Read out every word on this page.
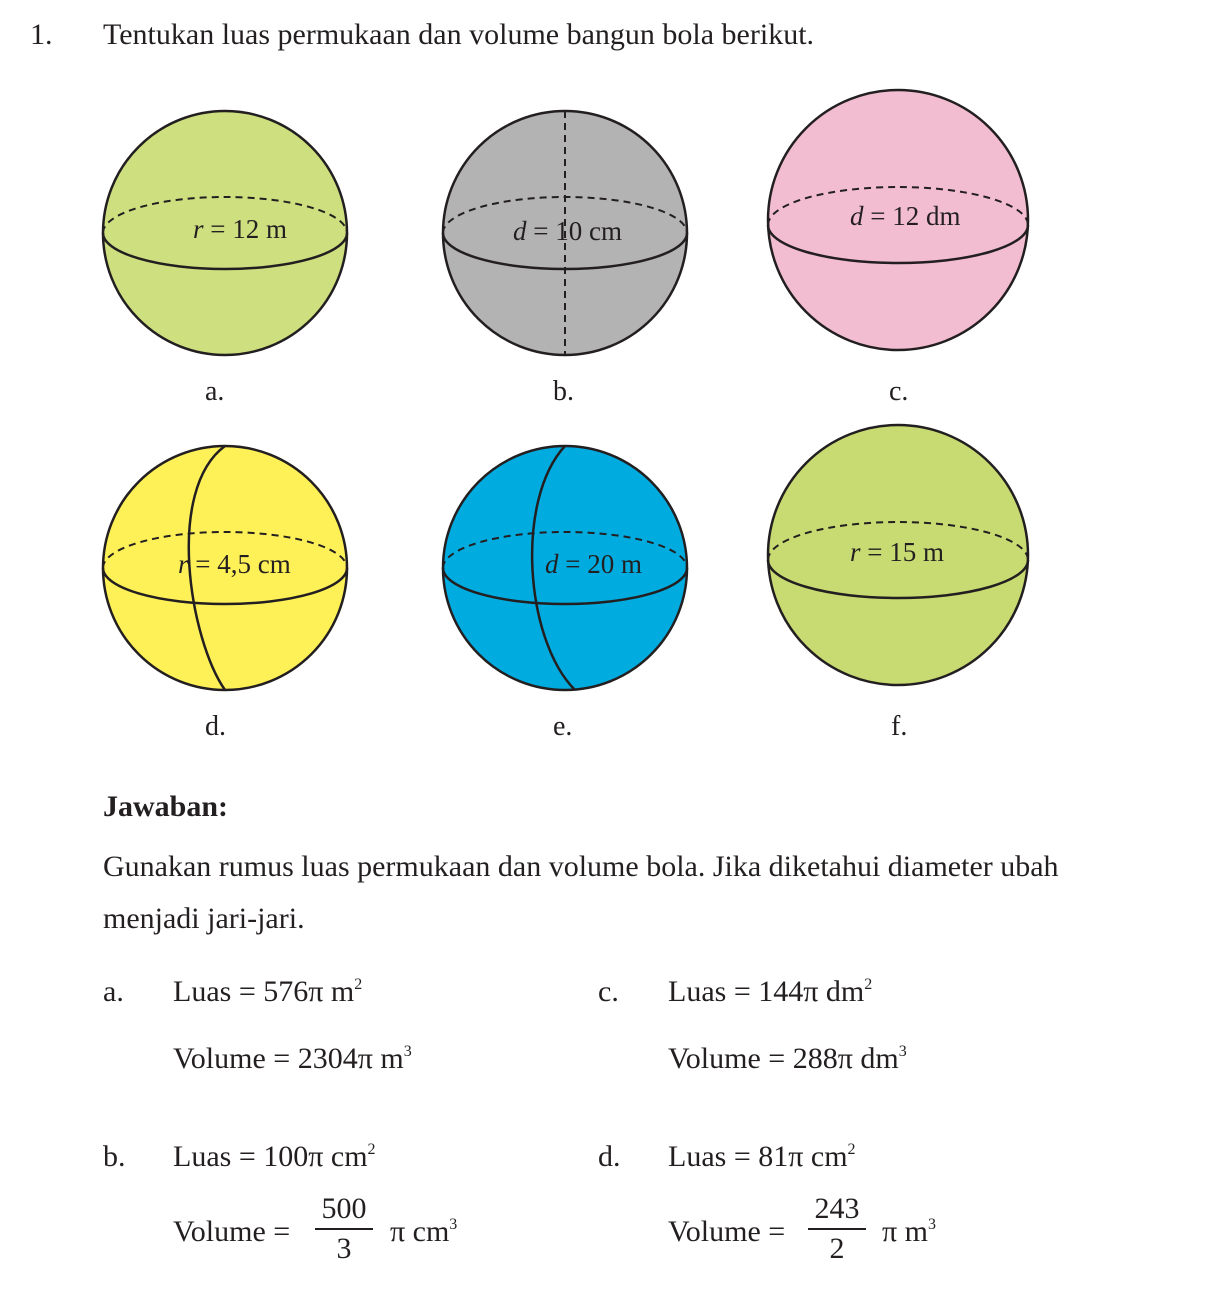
1. Tentukan luas permukaan dan volume bangun bola berikut.
r = 12 m
a.
d = 10 cm
b.
d = 12 dm
c.
r = 4,5 cm
d.
d = 20 m
e.
r = 15 m
f.
Jawaban:
Gunakan rumus luas permukaan dan volume bola. Jika diketahui diameter ubah
menjadi jari-jari.
a. Luas = 576π $m^2$
Volume = 2304π $m^3$
c. Luas = 144π $dm^2$
Volume = 288π $dm^3$
b. Luas = 100π $cm^2$
Volume =
500
3
π $cm^3$
d. Luas = 81π $cm^2$
Volume =
243
2
π $m^3$
